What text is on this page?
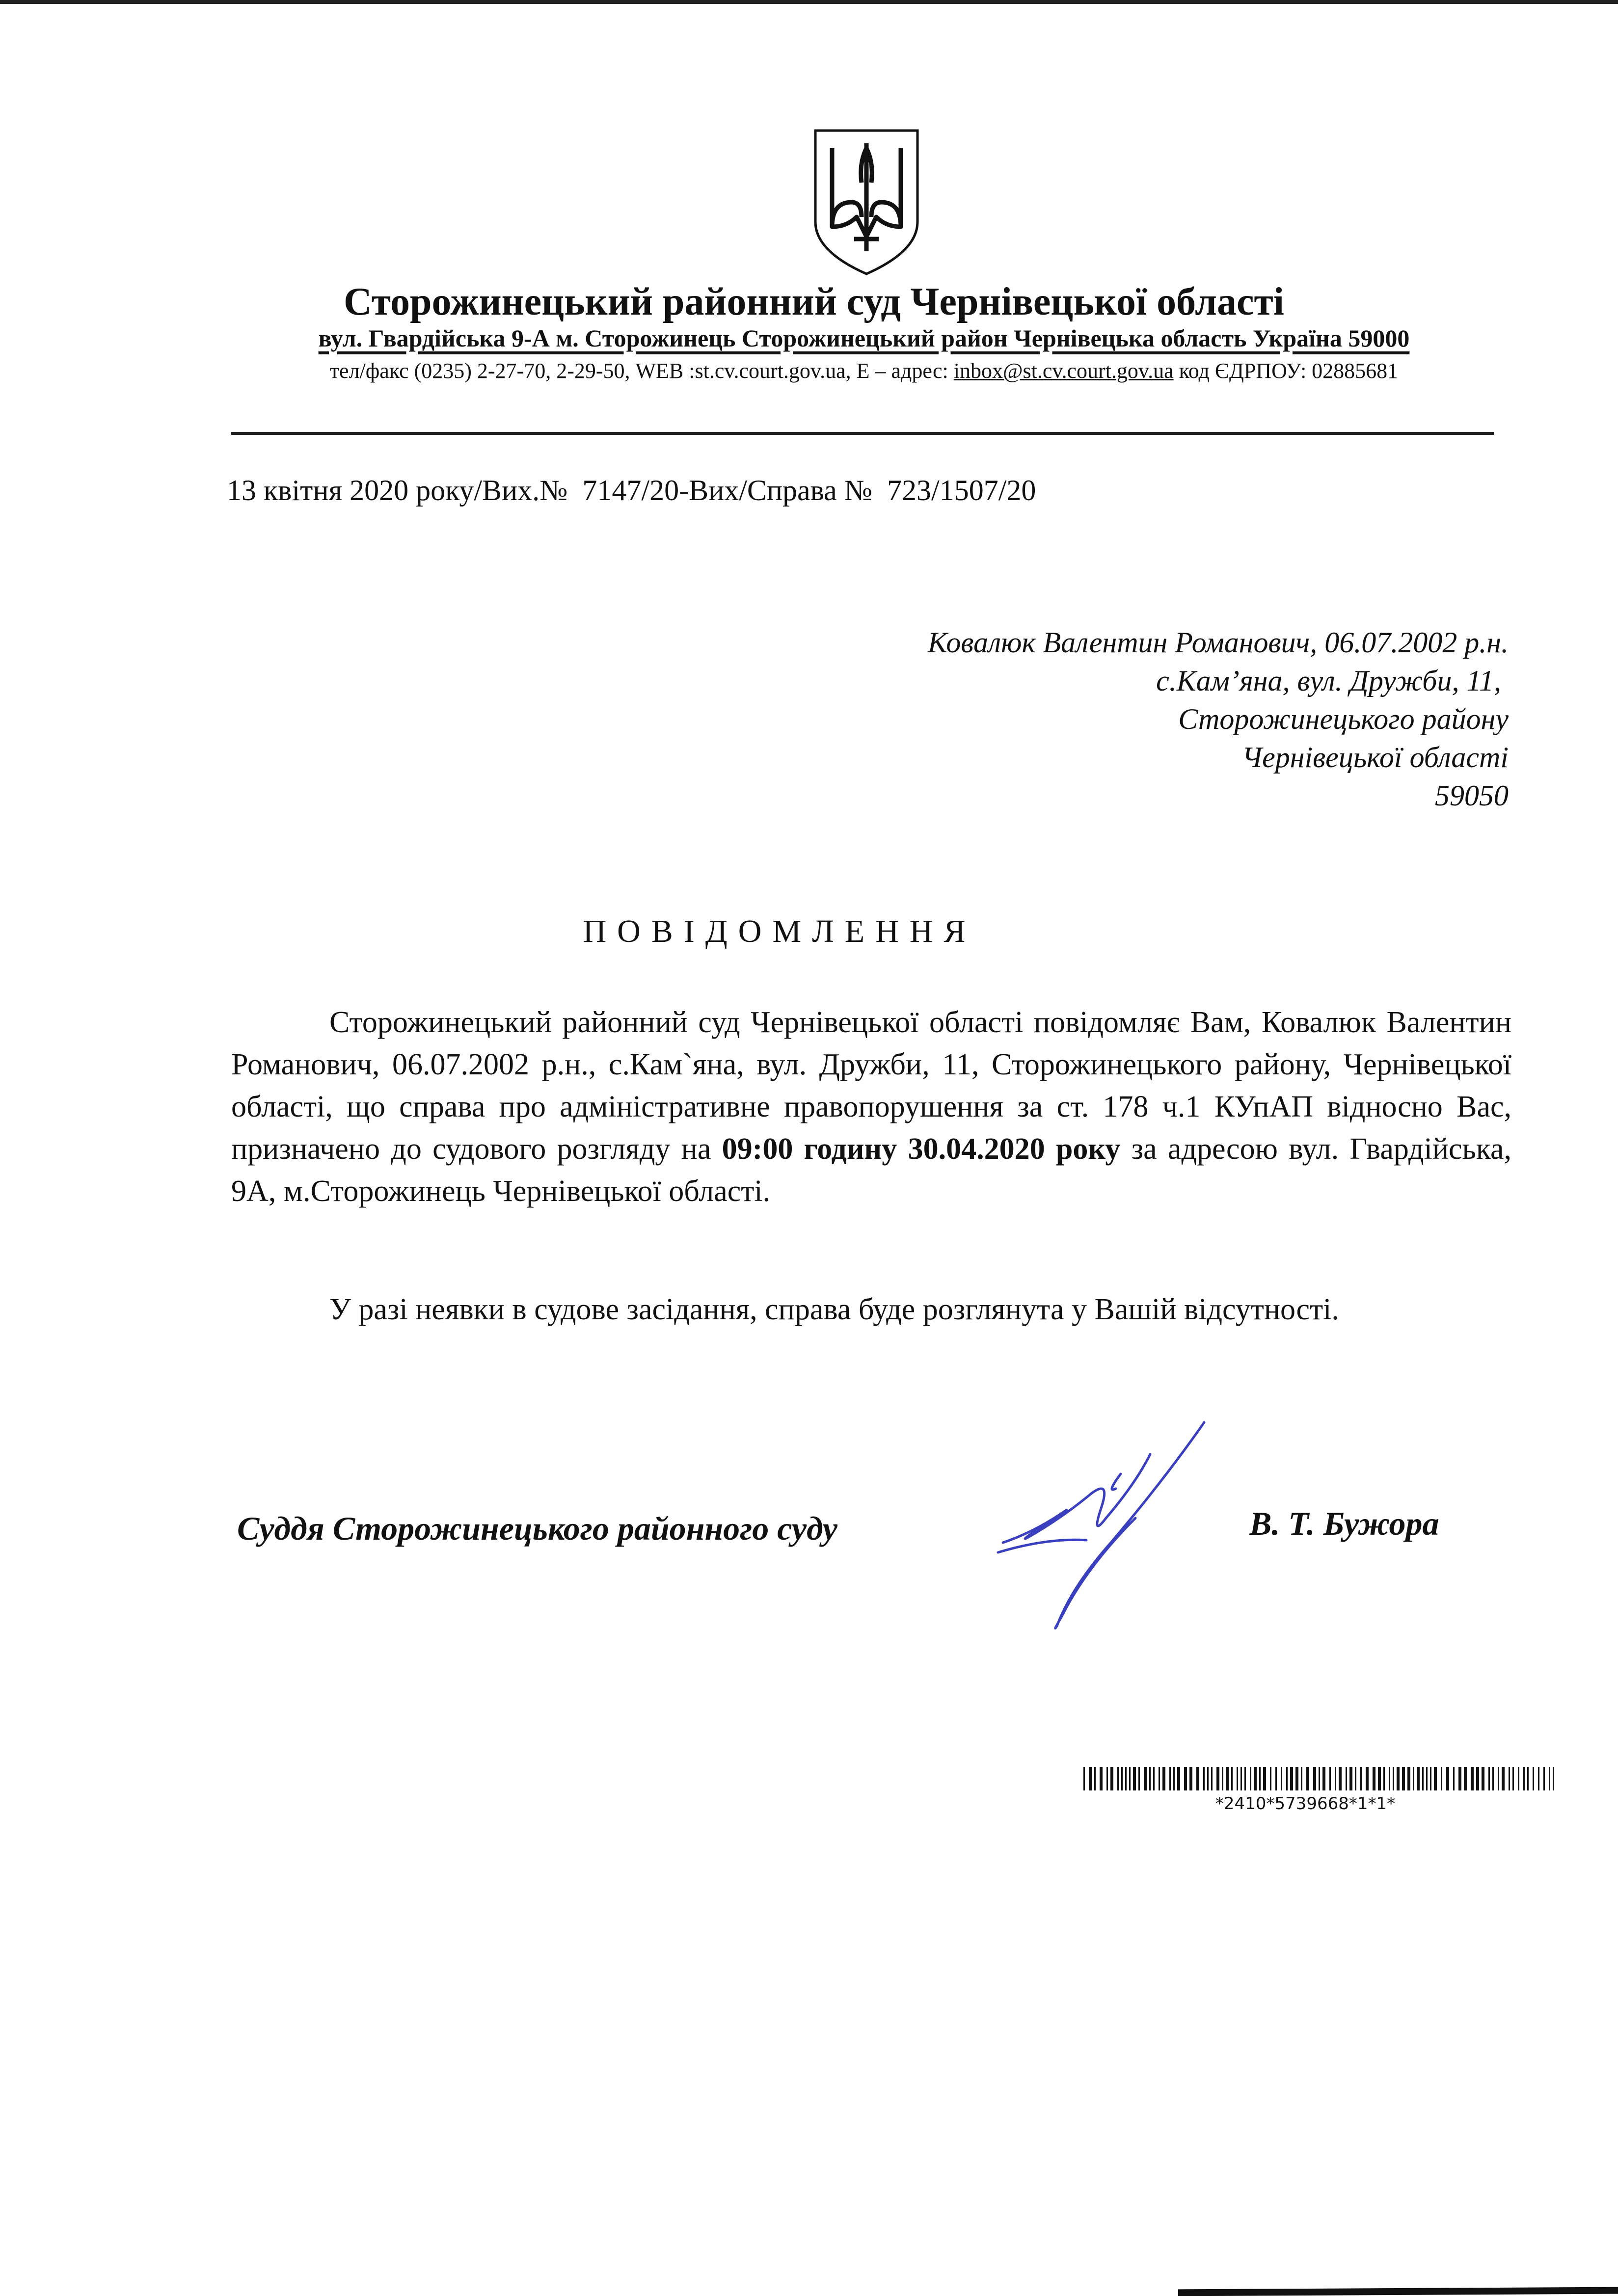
Сторожинецький районний суд Чернівецької області
вул. Гвардійська 9-А м. Сторожинець Сторожинецький район Чернівецька область Україна 59000
тел/факс (0235) 2-27-70, 2-29-50, WEB :st.cv.court.gov.ua, E – адрес: inbox@st.cv.court.gov.ua код ЄДРПОУ: 02885681
13 квітня 2020 року/Вих.№  7147/20-Вих/Справа №  723/1507/20
Ковалюк Валентин Романович, 06.07.2002 р.н.
с.Кам’яна, вул. Дружби, 11,
Сторожинецького району
Чернівецької області
59050
ПОВІДОМЛЕННЯ
Сторожинецький районний суд Чернівецької області повідомляє Вам, Ковалюк Валентин Романович, 06.07.2002 р.н., с.Кам`яна, вул. Дружби, 11, Сторожинецького району, Чернівецької області, що справа про адміністративне правопорушення за ст. 178 ч.1 КУпАП відносно Вас, призначено до судового розгляду на 09:00 годину 30.04.2020 року за адресою вул. Гвардійська, 9А, м.Сторожинець Чернівецької області.
У разі неявки в судове засідання, справа буде розглянута у Вашій відсутності.
Суддя Сторожинецького районного суду	В. Т. Бужора
*2410*5739668*1*1*
